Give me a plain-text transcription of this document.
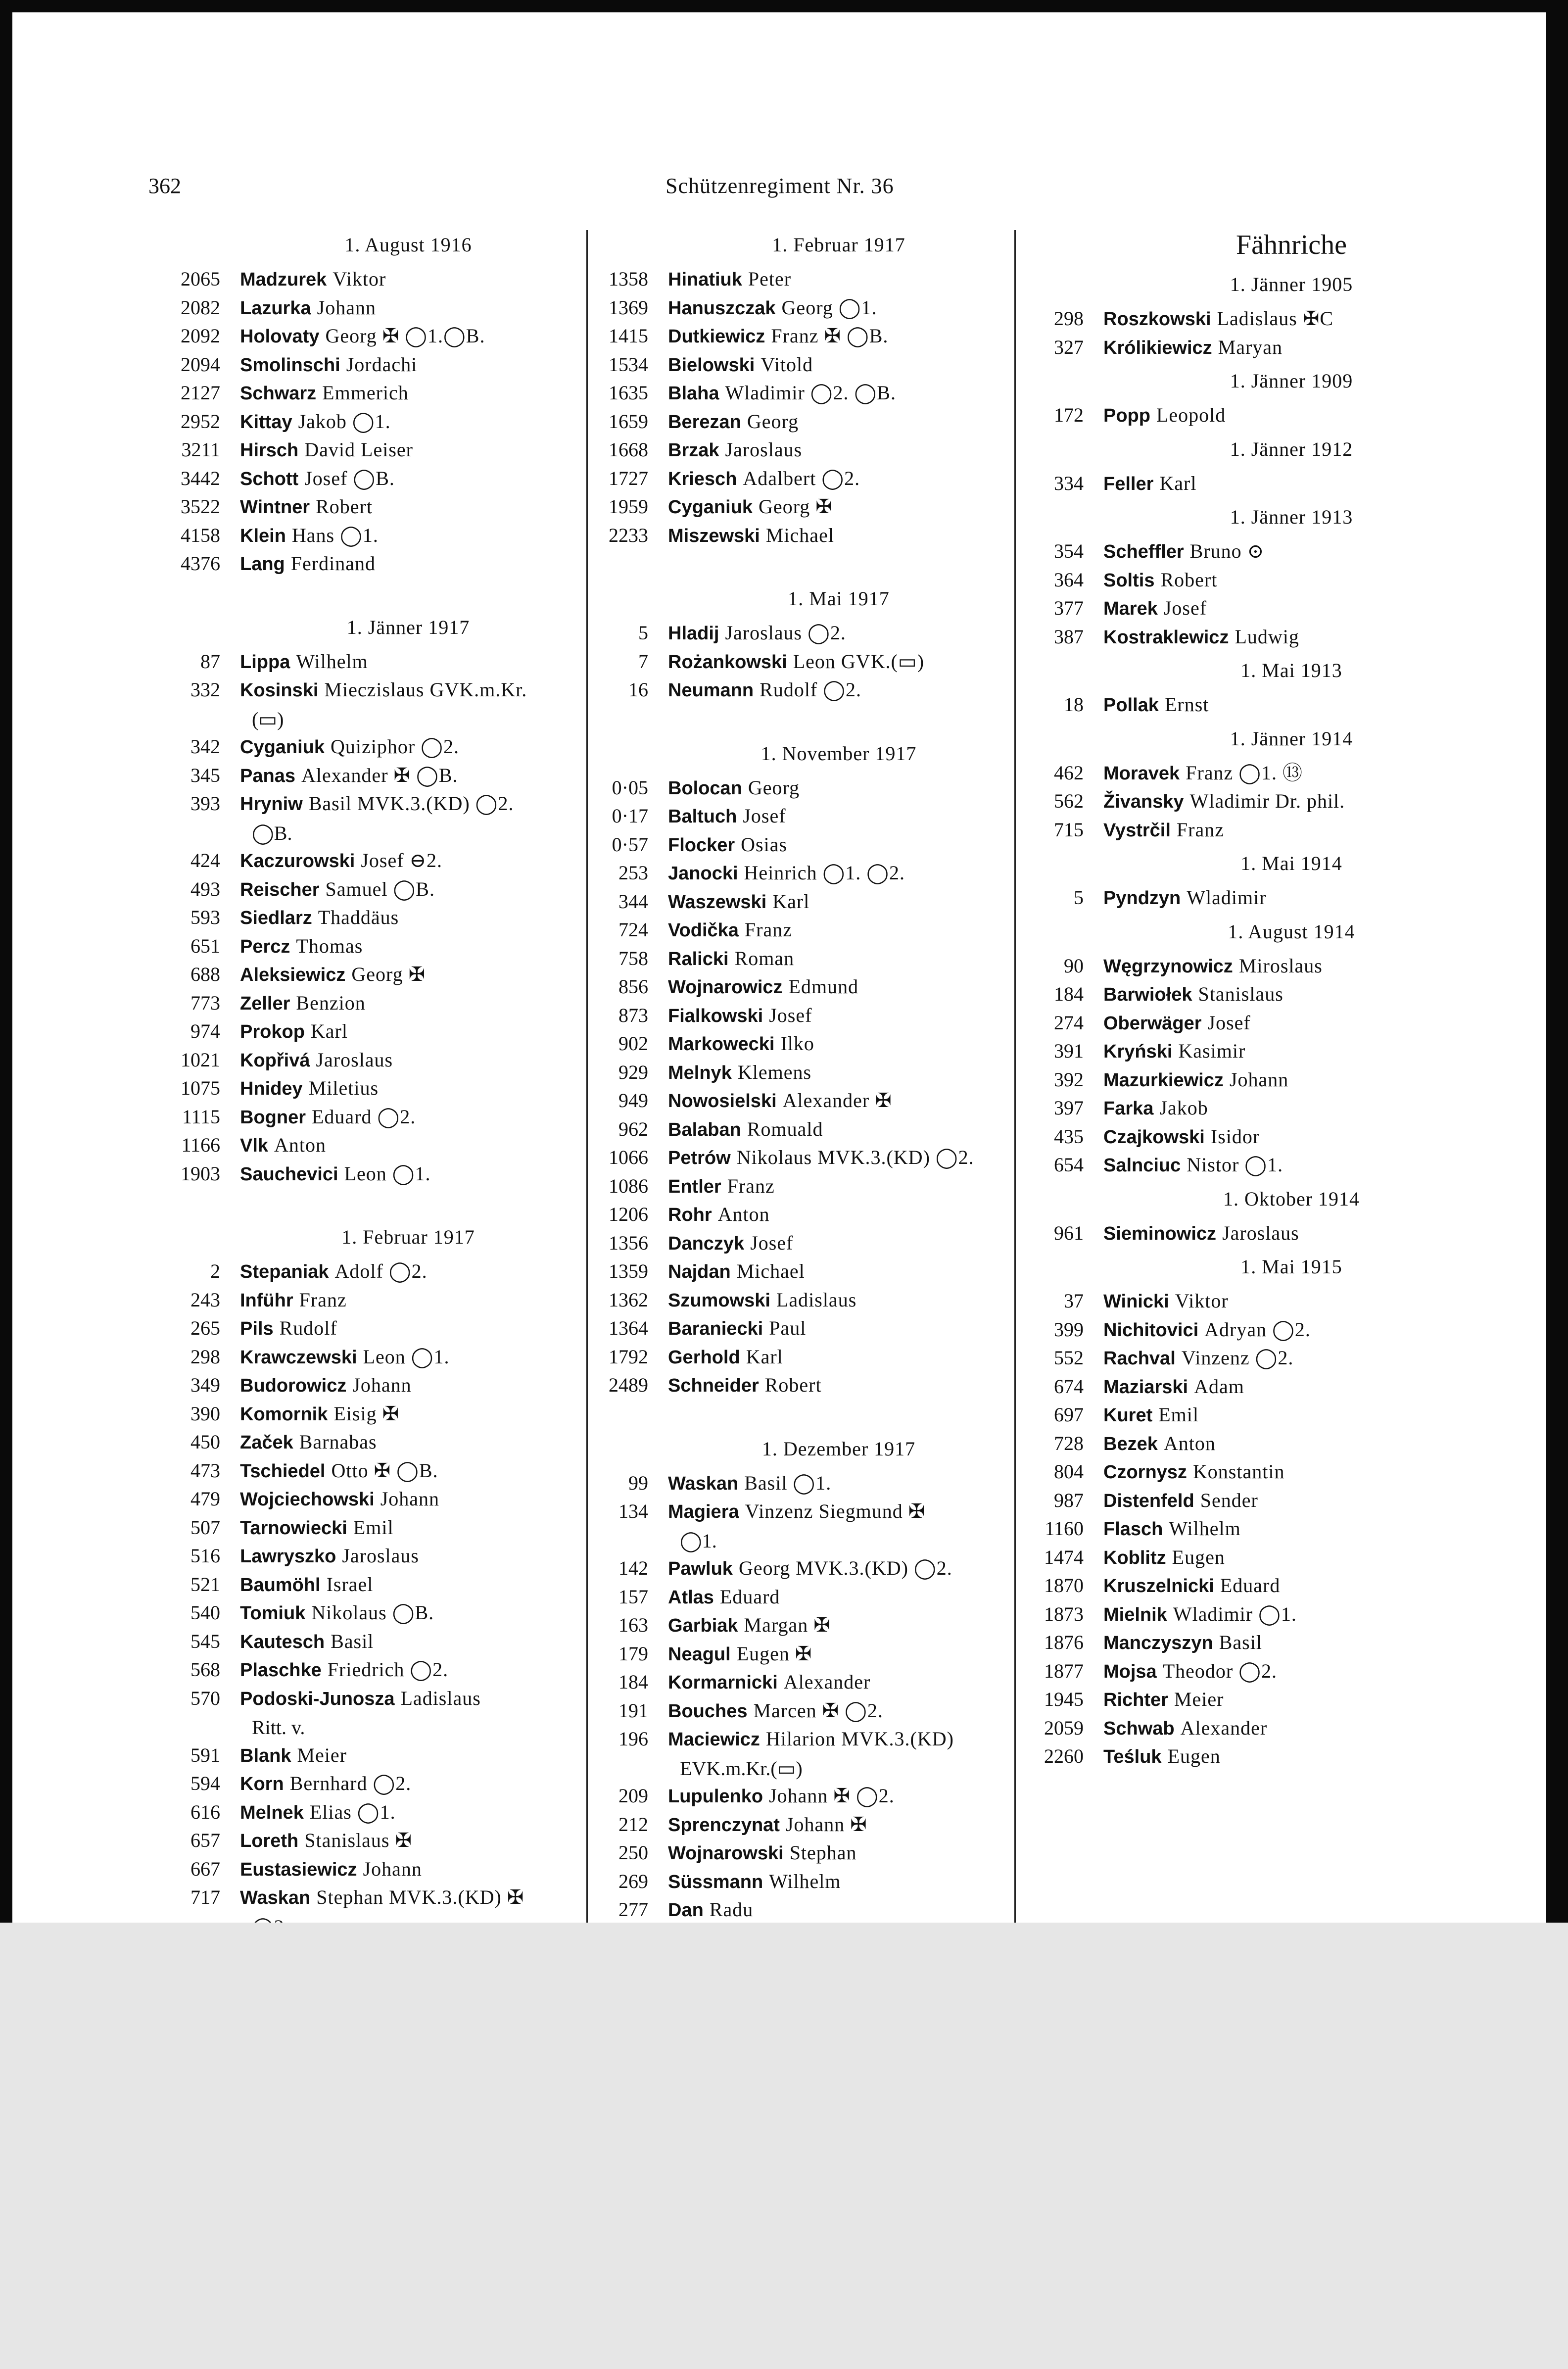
362	Schützenregiment Nr. 36
1. August 1916
2065 Madzurek Viktor
2082 Lazurka Johann
2092 Holovaty Georg ✠ ◯1.◯B.
2094 Smolinschi Jordachi
2127 Schwarz Emmerich
2952 Kittay Jakob ◯1.
3211 Hirsch David Leiser
3442 Schott Josef ◯B.
3522 Wintner Robert
4158 Klein Hans ◯1.
4376 Lang Ferdinand
1. Jänner 1917
87 Lippa Wilhelm
332 Kosinski Mieczislaus GVK.m.Kr.
(▭)
342 Cyganiuk Quiziphor ◯2.
345 Panas Alexander ✠ ◯B.
393 Hryniw Basil MVK.3.(KD) ◯2.
◯B.
424 Kaczurowski Josef ⊖2.
493 Reischer Samuel ◯B.
593 Siedlarz Thaddäus
651 Percz Thomas
688 Aleksiewicz Georg ✠
773 Zeller Benzion
974 Prokop Karl
1021 Kopřivá Jaroslaus
1075 Hnidey Miletius
1115 Bogner Eduard ◯2.
1166 Vlk Anton
1903 Sauchevici Leon ◯1.
1. Februar 1917
2 Stepaniak Adolf ◯2.
243 Inführ Franz
265 Pils Rudolf
298 Krawczewski Leon ◯1.
349 Budorowicz Johann
390 Komornik Eisig ✠
450 Začek Barnabas
473 Tschiedel Otto ✠ ◯B.
479 Wojciechowski Johann
507 Tarnowiecki Emil
516 Lawryszko Jaroslaus
521 Baumöhl Israel
540 Tomiuk Nikolaus ◯B.
545 Kautesch Basil
568 Plaschke Friedrich ◯2.
570 Podoski-Junosza Ladislaus
Ritt. v.
591 Blank Meier
594 Korn Bernhard ◯2.
616 Melnek Elias ◯1.
657 Loreth Stanislaus ✠
667 Eustasiewicz Johann
717 Waskan Stephan MVK.3.(KD) ✠
1. Februar 1917
1358 Hinatiuk Peter
1369 Hanuszczak Georg ◯1.
1415 Dutkiewicz Franz ✠ ◯B.
1534 Bielowski Vitold
1635 Blaha Wladimir ◯2. ◯B.
1659 Berezan Georg
1668 Brzak Jaroslaus
1727 Kriesch Adalbert ◯2.
1959 Cyganiuk Georg ✠
2233 Miszewski Michael
1. Mai 1917
5 Hladij Jaroslaus ◯2.
7 Rożankowski Leon GVK.(▭)
16 Neumann Rudolf ◯2.
1. November 1917
0·05 Bolocan Georg
0·17 Baltuch Josef
0·57 Flocker Osias
253 Janocki Heinrich ◯1. ◯2.
344 Waszewski Karl
724 Vodička Franz
758 Ralicki Roman
856 Wojnarowicz Edmund
873 Fialkowski Josef
902 Markowecki Ilko
929 Melnyk Klemens
949 Nowosielski Alexander ✠
962 Balaban Romuald
1066 Petrów Nikolaus MVK.3.(KD) ◯2.
1086 Entler Franz
1206 Rohr Anton
1356 Danczyk Josef
1359 Najdan Michael
1362 Szumowski Ladislaus
1364 Baraniecki Paul
1792 Gerhold Karl
2489 Schneider Robert
1. Dezember 1917
99 Waskan Basil ◯1.
134 Magiera Vinzenz Siegmund ✠
◯1.
142 Pawluk Georg MVK.3.(KD) ◯2.
157 Atlas Eduard
163 Garbiak Margan ✠
179 Neagul Eugen ✠
184 Kormarnicki Alexander
191 Bouches Marcen ✠ ◯2.
196 Maciewicz Hilarion MVK.3.(KD)
EVK.m.Kr.(▭)
209 Lupulenko Johann ✠ ◯2.
212 Sprenczynat Johann ✠
250 Wojnarowski Stephan
269 Süssmann Wilhelm
277 Dan Radu
Fähnriche
1. Jänner 1905
298 Roszkowski Ladislaus ✠C
327 Królikiewicz Maryan
1. Jänner 1909
172 Popp Leopold
1. Jänner 1912
334 Feller Karl
1. Jänner 1913
354 Scheffler Bruno ⊙
364 Soltis Robert
377 Marek Josef
387 Kostraklewicz Ludwig
1. Mai 1913
18 Pollak Ernst
1. Jänner 1914
462 Moravek Franz ◯1. ⑬
562 Živansky Wladimir Dr. phil.
715 Vystrčil Franz
1. Mai 1914
5 Pyndzyn Wladimir
1. August 1914
90 Węgrzynowicz Miroslaus
184 Barwiołek Stanislaus
274 Oberwäger Josef
391 Kryński Kasimir
392 Mazurkiewicz Johann
397 Farka Jakob
435 Czajkowski Isidor
654 Salnciuc Nistor ◯1.
1. Oktober 1914
961 Sieminowicz Jaroslaus
1. Mai 1915
37 Winicki Viktor
399 Nichitovici Adryan ◯2.
552 Rachval Vinzenz ◯2.
674 Maziarski Adam
697 Kuret Emil
728 Bezek Anton
804 Czornysz Konstantin
987 Distenfeld Sender
1160 Flasch Wilhelm
1474 Koblitz Eugen
1870 Kruszelnicki Eduard
1873 Mielnik Wladimir ◯1.
1876 Manczyszyn Basil
1877 Mojsa Theodor ◯2.
1945 Richter Meier
2059 Schwab Alexander
2260 Teśluk Eugen
